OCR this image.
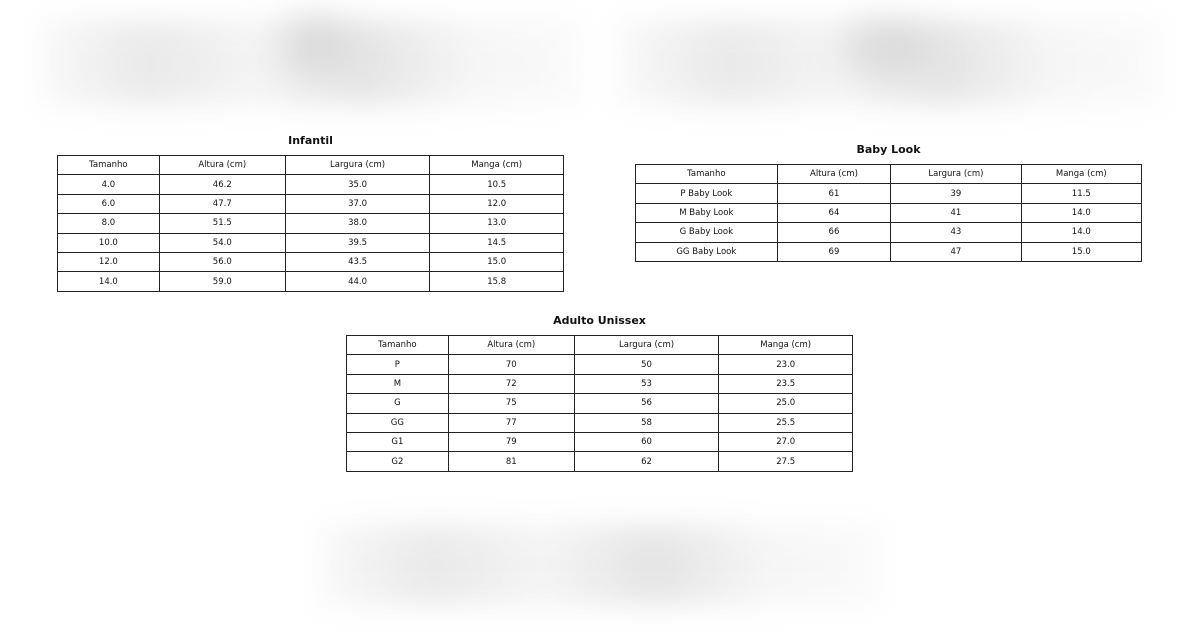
Infantil
Tamanho	Altura (cm)	Largura (cm)	Manga (cm)
4.0	46.2	35.0	10.5
6.0	47.7	37.0	12.0
8.0	51.5	38.0	13.0
10.0	54.0	39.5	14.5
12.0	56.0	43.5	15.0
14.0	59.0	44.0	15.8
Baby Look
Tamanho	Altura (cm)	Largura (cm)	Manga (cm)
P Baby Look	61	39	11.5
M Baby Look	64	41	14.0
G Baby Look	66	43	14.0
GG Baby Look	69	47	15.0
Adulto Unissex
Tamanho	Altura (cm)	Largura (cm)	Manga (cm)
P	70	50	23.0
M	72	53	23.5
G	75	56	25.0
GG	77	58	25.5
G1	79	60	27.0
G2	81	62	27.5
